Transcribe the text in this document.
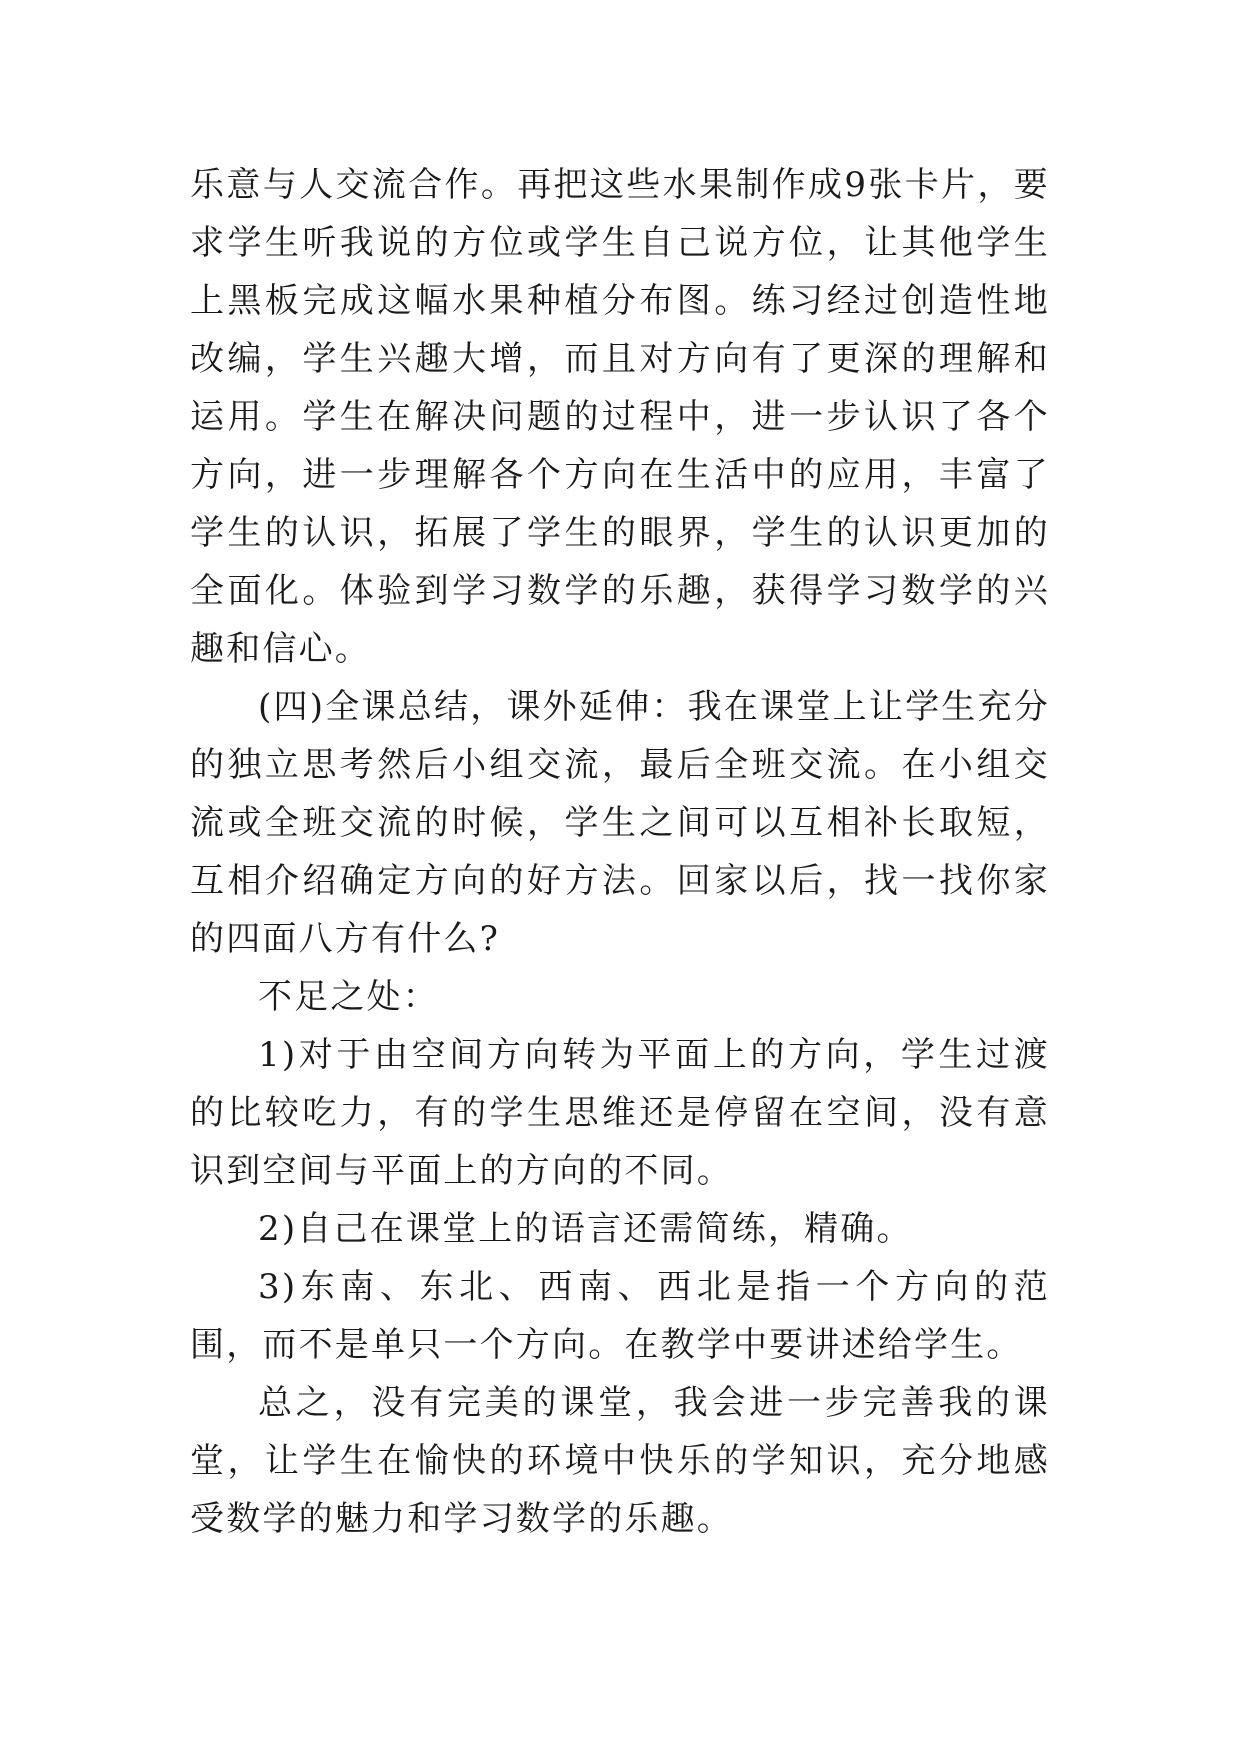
乐意与人交流合作。再把这些水果制作成9张卡片，要求学生听我说的方位或学生自己说方位，让其他学生上黑板完成这幅水果种植分布图。练习经过创造性地改编，学生兴趣大增，而且对方向有了更深的理解和运用。学生在解决问题的过程中，进一步认识了各个方向，进一步理解各个方向在生活中的应用，丰富了学生的认识，拓展了学生的眼界，学生的认识更加的全面化。体验到学习数学的乐趣，获得学习数学的兴趣和信心。

(四)全课总结，课外延伸：我在课堂上让学生充分的独立思考然后小组交流，最后全班交流。在小组交流或全班交流的时候，学生之间可以互相补长取短，互相介绍确定方向的好方法。回家以后，找一找你家的四面八方有什么?

不足之处：

1)对于由空间方向转为平面上的方向，学生过渡的比较吃力，有的学生思维还是停留在空间，没有意识到空间与平面上的方向的不同。

2)自己在课堂上的语言还需简练，精确。

3)东南、东北、西南、西北是指一个方向的范围，而不是单只一个方向。在教学中要讲述给学生。

总之，没有完美的课堂，我会进一步完善我的课堂，让学生在愉快的环境中快乐的学知识，充分地感受数学的魅力和学习数学的乐趣。
